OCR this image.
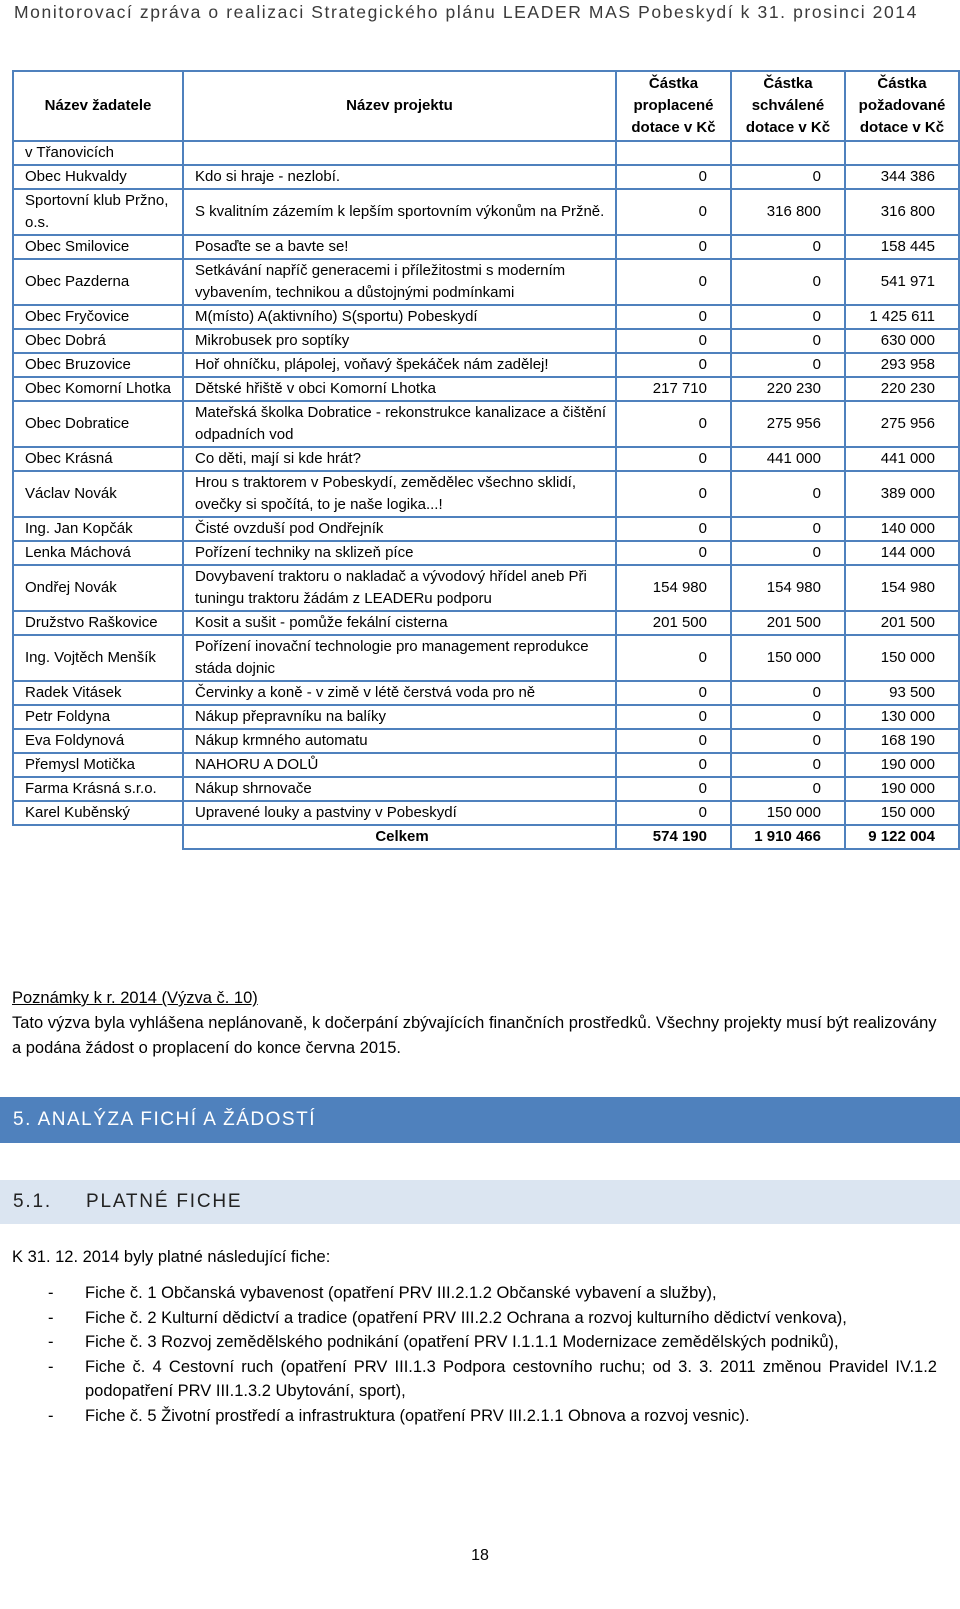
Monitorovací zpráva o realizaci Strategického plánu LEADER MAS Pobeskydí k 31. prosinci 2014
Název žadatele	Název projektu	Částka proplacené dotace v Kč	Částka schválené dotace v Kč	Částka požadované dotace v Kč
v Třanovicích				
Obec Hukvaldy	Kdo si hraje - nezlobí.	0	0	344 386
Sportovní klub Pržno, o.s.	S kvalitním zázemím k lepším sportovním výkonům na Pržně.	0	316 800	316 800
Obec Smilovice	Posaďte se a bavte se!	0	0	158 445
Obec Pazderna	Setkávání napříč generacemi i příležitostmi s moderním vybavením, technikou a důstojnými podmínkami	0	0	541 971
Obec Fryčovice	M(místo) A(aktivního) S(sportu) Pobeskydí	0	0	1 425 611
Obec Dobrá	Mikrobusek pro soptíky	0	0	630 000
Obec Bruzovice	Hoř ohníčku, plápolej, voňavý špekáček nám zadělej!	0	0	293 958
Obec Komorní Lhotka	Dětské hřiště v obci Komorní Lhotka	217 710	220 230	220 230
Obec Dobratice	Mateřská školka Dobratice - rekonstrukce kanalizace a čištění odpadních vod	0	275 956	275 956
Obec Krásná	Co děti, mají si kde hrát?	0	441 000	441 000
Václav Novák	Hrou s traktorem v Pobeskydí, zemědělec všechno sklidí, ovečky si spočítá, to je naše logika...!	0	0	389 000
Ing. Jan Kopčák	Čisté ovzduší pod Ondřejník	0	0	140 000
Lenka Máchová	Pořízení techniky na sklizeň píce	0	0	144 000
Ondřej Novák	Dovybavení traktoru o nakladač a vývodový hřídel aneb Při tuningu traktoru žádám z LEADERu podporu	154 980	154 980	154 980
Družstvo Raškovice	Kosit a sušit - pomůže fekální cisterna	201 500	201 500	201 500
Ing. Vojtěch Menšík	Pořízení inovační technologie pro management reprodukce stáda dojnic	0	150 000	150 000
Radek Vitásek	Červinky a koně - v zimě v létě čerstvá voda pro ně	0	0	93 500
Petr Foldyna	Nákup přepravníku na balíky	0	0	130 000
Eva Foldynová	Nákup krmného automatu	0	0	168 190
Přemysl Motička	NAHORU A DOLŮ	0	0	190 000
Farma Krásná s.r.o.	Nákup shrnovače	0	0	190 000
Karel Kuběnský	Upravené louky a pastviny v Pobeskydí	0	150 000	150 000
	Celkem	574 190	1 910 466	9 122 004
Poznámky k r. 2014 (Výzva č. 10)
Tato výzva byla vyhlášena neplánovaně, k dočerpání zbývajících finančních prostředků. Všechny projekty musí být realizovány a podána žádost o proplacení do konce června 2015.
5. ANALÝZA FICHÍ A ŽÁDOSTÍ
5.1. PLATNÉ FICHE
K 31. 12. 2014 byly platné následující fiche:
- Fiche č. 1 Občanská vybavenost (opatření PRV III.2.1.2 Občanské vybavení a služby),
- Fiche č. 2 Kulturní dědictví a tradice (opatření PRV III.2.2 Ochrana a rozvoj kulturního dědictví venkova),
- Fiche č. 3 Rozvoj zemědělského podnikání (opatření PRV I.1.1.1 Modernizace zemědělských podniků),
- Fiche č. 4 Cestovní ruch (opatření PRV III.1.3 Podpora cestovního ruchu; od 3. 3. 2011 změnou Pravidel IV.1.2 podopatření PRV III.1.3.2 Ubytování, sport),
- Fiche č. 5 Životní prostředí a infrastruktura (opatření PRV III.2.1.1 Obnova a rozvoj vesnic).
18
